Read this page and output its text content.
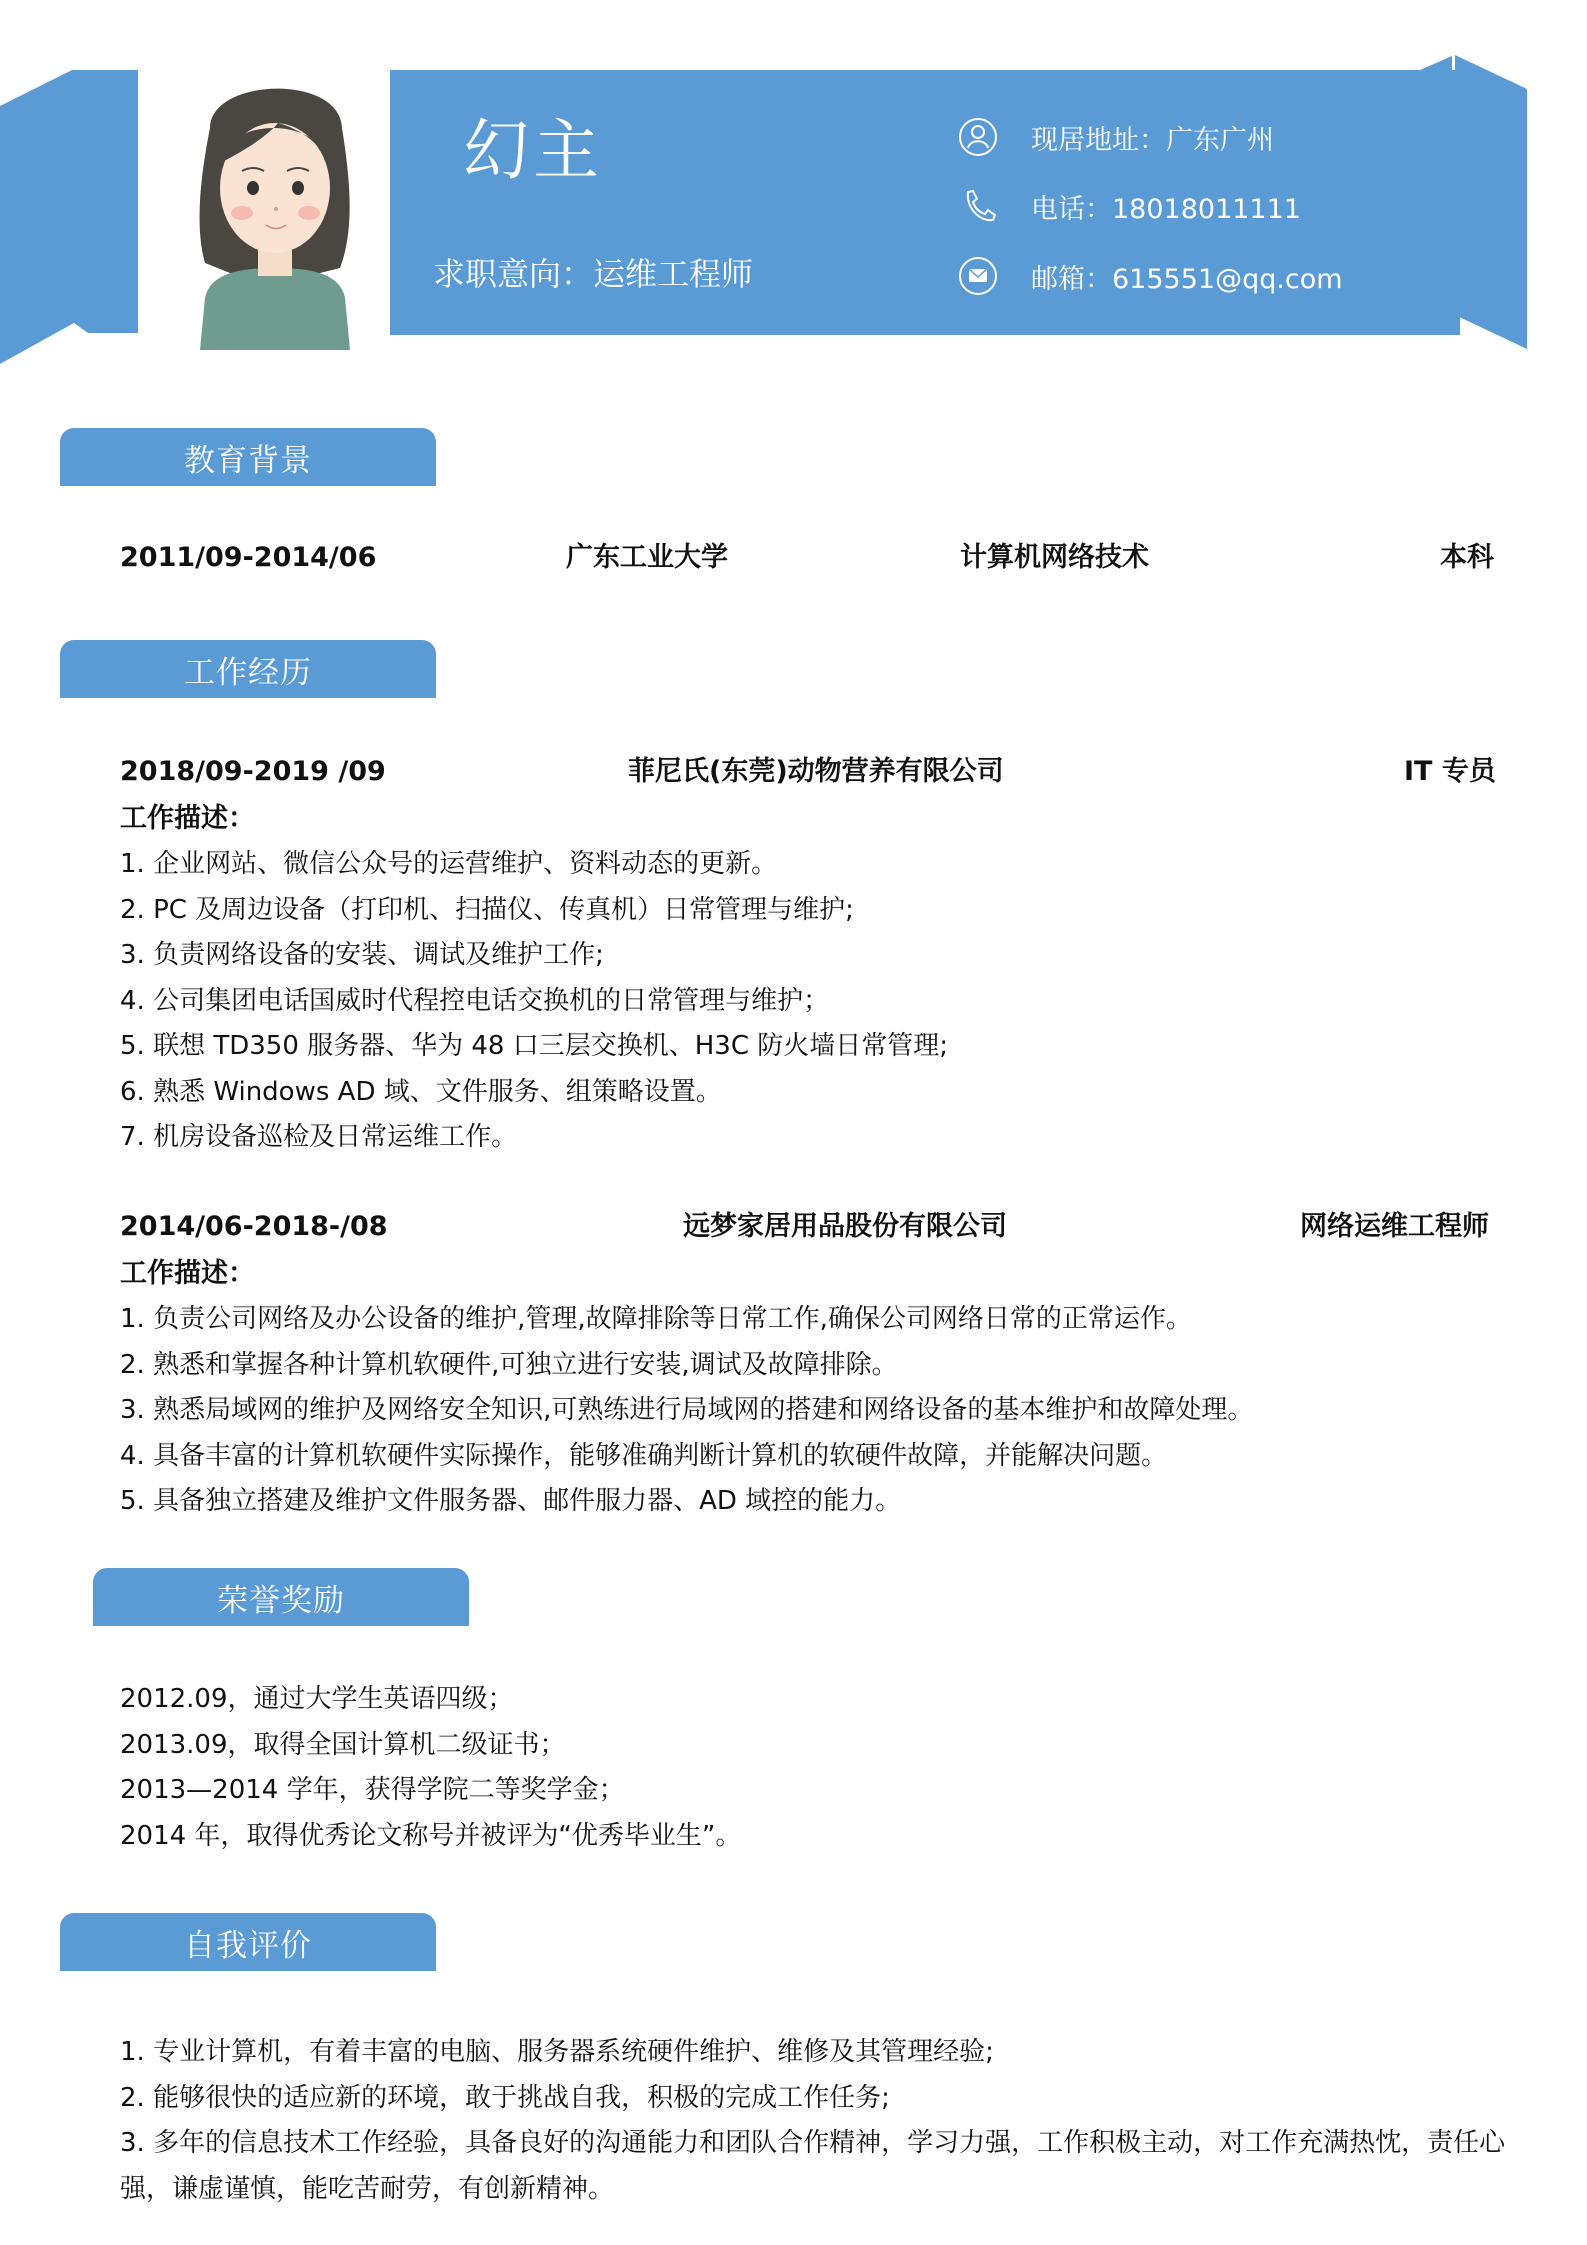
幻主
求职意向：运维工程师
现居地址：广东广州
电话：18018011111
邮箱：615551@qq.com
教育背景
2011/09-2014/06	广东工业大学	计算机网络技术	本科
工作经历
2018/09-2019 /09	菲尼氏(东莞)动物营养有限公司	IT 专员
工作描述：
1. 企业网站、微信公众号的运营维护、资料动态的更新。
2. PC 及周边设备（打印机、扫描仪、传真机）日常管理与维护;
3. 负责网络设备的安装、调试及维护工作;
4. 公司集团电话国威时代程控电话交换机的日常管理与维护；
5. 联想 TD350 服务器、华为 48 口三层交换机、H3C 防火墙日常管理;
6. 熟悉 Windows AD 域、文件服务、组策略设置。
7. 机房设备巡检及日常运维工作。
2014/06-2018-/08	远梦家居用品股份有限公司	网络运维工程师
工作描述：
1. 负责公司网络及办公设备的维护,管理,故障排除等日常工作,确保公司网络日常的正常运作。
2. 熟悉和掌握各种计算机软硬件,可独立进行安装,调试及故障排除。
3. 熟悉局域网的维护及网络安全知识,可熟练进行局域网的搭建和网络设备的基本维护和故障处理。
4. 具备丰富的计算机软硬件实际操作，能够准确判断计算机的软硬件故障，并能解决问题。
5. 具备独立搭建及维护文件服务器、邮件服力器、AD 域控的能力。
荣誉奖励
2012.09，通过大学生英语四级；
2013.09，取得全国计算机二级证书；
2013—2014 学年，获得学院二等奖学金；
2014 年，取得优秀论文称号并被评为“优秀毕业生”。
自我评价
1. 专业计算机，有着丰富的电脑、服务器系统硬件维护、维修及其管理经验;
2. 能够很快的适应新的环境，敢于挑战自我，积极的完成工作任务;
3. 多年的信息技术工作经验，具备良好的沟通能力和团队合作精神，学习力强，工作积极主动，对工作充满热忱，责任心强，谦虚谨慎，能吃苦耐劳，有创新精神。
